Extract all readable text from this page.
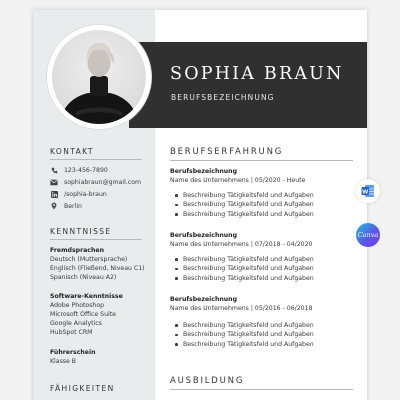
SOPHIA BRAUN
BERUFSBEZEICHNUNG
KONTAKT
123-456-7890
sophiabraun@gmail.com
/sophia-braun
Berlin
KENNTNISSE
Fremdsprachen
Deutsch (Muttersprache)
Englisch (Fließend, Niveau C1)
Spanisch (Niveau A2)
Software-Kenntnisse
Adobe Photoshop
Microsoft Office Suite
Google Analytics
HubSpot CRM
Führerschein
Klasse B
FÄHIGKEITEN
BERUFSERFAHRUNG
Berufsbezeichnung
Name des Unternehmens | 05/2020 - Heute
Beschreibung Tätigkeitsfeld und Aufgaben
Beschreibung Tätigkeitsfeld und Aufgaben
Beschreibung Tätigkeitsfeld und Aufgaben
Berufsbezeichnung
Name des Unternehmens | 07/2018 - 04/2020
Beschreibung Tätigkeitsfeld und Aufgaben
Beschreibung Tätigkeitsfeld und Aufgaben
Beschreibung Tätigkeitsfeld und Aufgaben
Berufsbezeichnung
Name des Unternehmens | 05/2016 - 06/2018
Beschreibung Tätigkeitsfeld und Aufgaben
Beschreibung Tätigkeitsfeld und Aufgaben
Beschreibung Tätigkeitsfeld und Aufgaben
AUSBILDUNG
W
Canva
